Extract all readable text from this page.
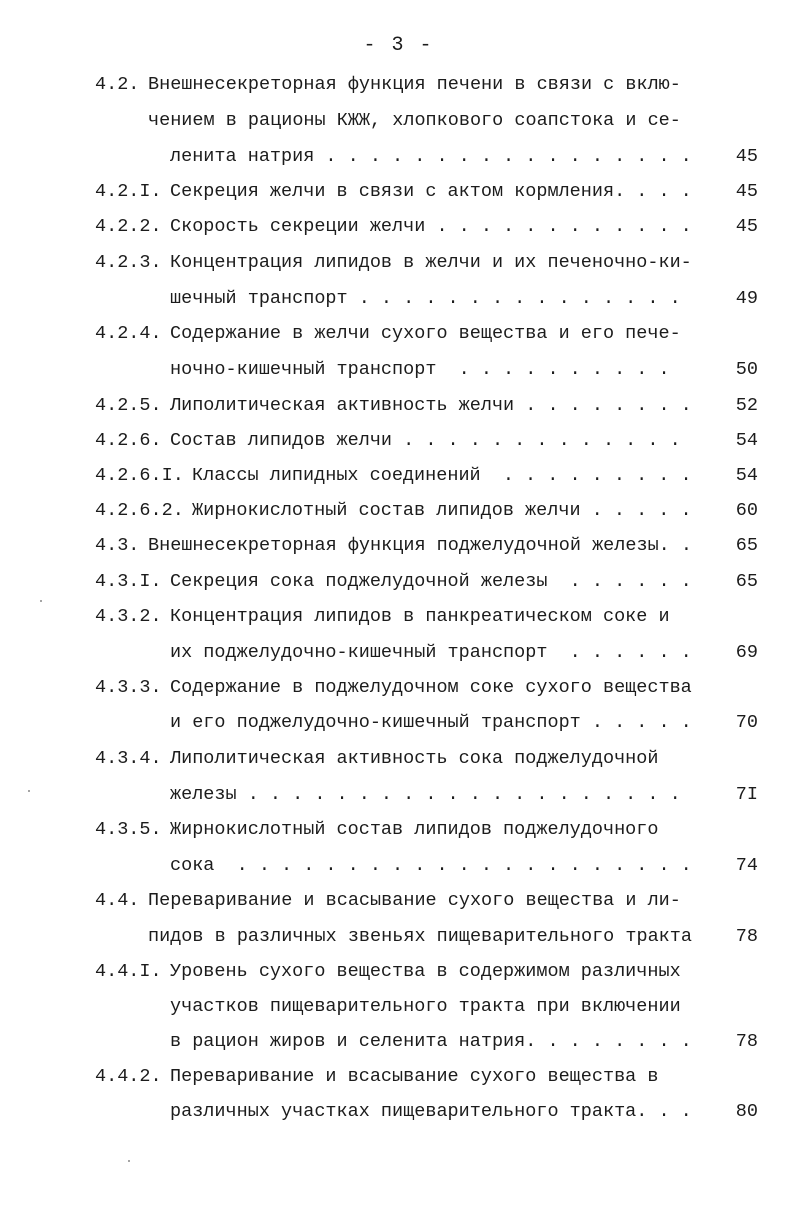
- 3 -
4.2. Внешнесекреторная функция печени в связи с вклю-
чением в рационы КЖЖ, хлопкового соапстока и се-
ленита натрия . . . . . . . . . . . . . . . . .	45
4.2.I. Секреция желчи в связи с актом кормления. . . .	45
4.2.2. Скорость секреции желчи . . . . . . . . . . . .	45
4.2.3. Концентрация липидов в желчи и их печеночно-ки-
шечный транспорт . . . . . . . . . . . . . . .	49
4.2.4. Содержание в желчи сухого вещества и его пече-
ночно-кишечный транспорт  . . . . . . . . . .	50
4.2.5. Липолитическая активность желчи . . . . . . . .	52
4.2.6. Состав липидов желчи . . . . . . . . . . . . .	54
4.2.6.I. Классы липидных соединений  . . . . . . . . .	54
4.2.6.2. Жирнокислотный состав липидов желчи . . . . .	60
4.3. Внешнесекреторная функция поджелудочной железы. .	65
4.3.I. Секреция сока поджелудочной железы  . . . . . .	65
4.3.2. Концентрация липидов в панкреатическом соке и
их поджелудочно-кишечный транспорт  . . . . . .	69
4.3.3. Содержание в поджелудочном соке сухого вещества
и его поджелудочно-кишечный транспорт . . . . .	70
4.3.4. Липолитическая активность сока поджелудочной
железы . . . . . . . . . . . . . . . . . . . .	7I
4.3.5. Жирнокислотный состав липидов поджелудочного
сока  . . . . . . . . . . . . . . . . . . . . .	74
4.4. Переваривание и всасывание сухого вещества и ли-
пидов в различных звеньях пищеварительного тракта	78
4.4.I. Уровень сухого вещества в содержимом различных
участков пищеварительного тракта при включении
в рацион жиров и селенита натрия. . . . . . . .	78
4.4.2. Переваривание и всасывание сухого вещества в
различных участках пищеварительного тракта. . .	80
